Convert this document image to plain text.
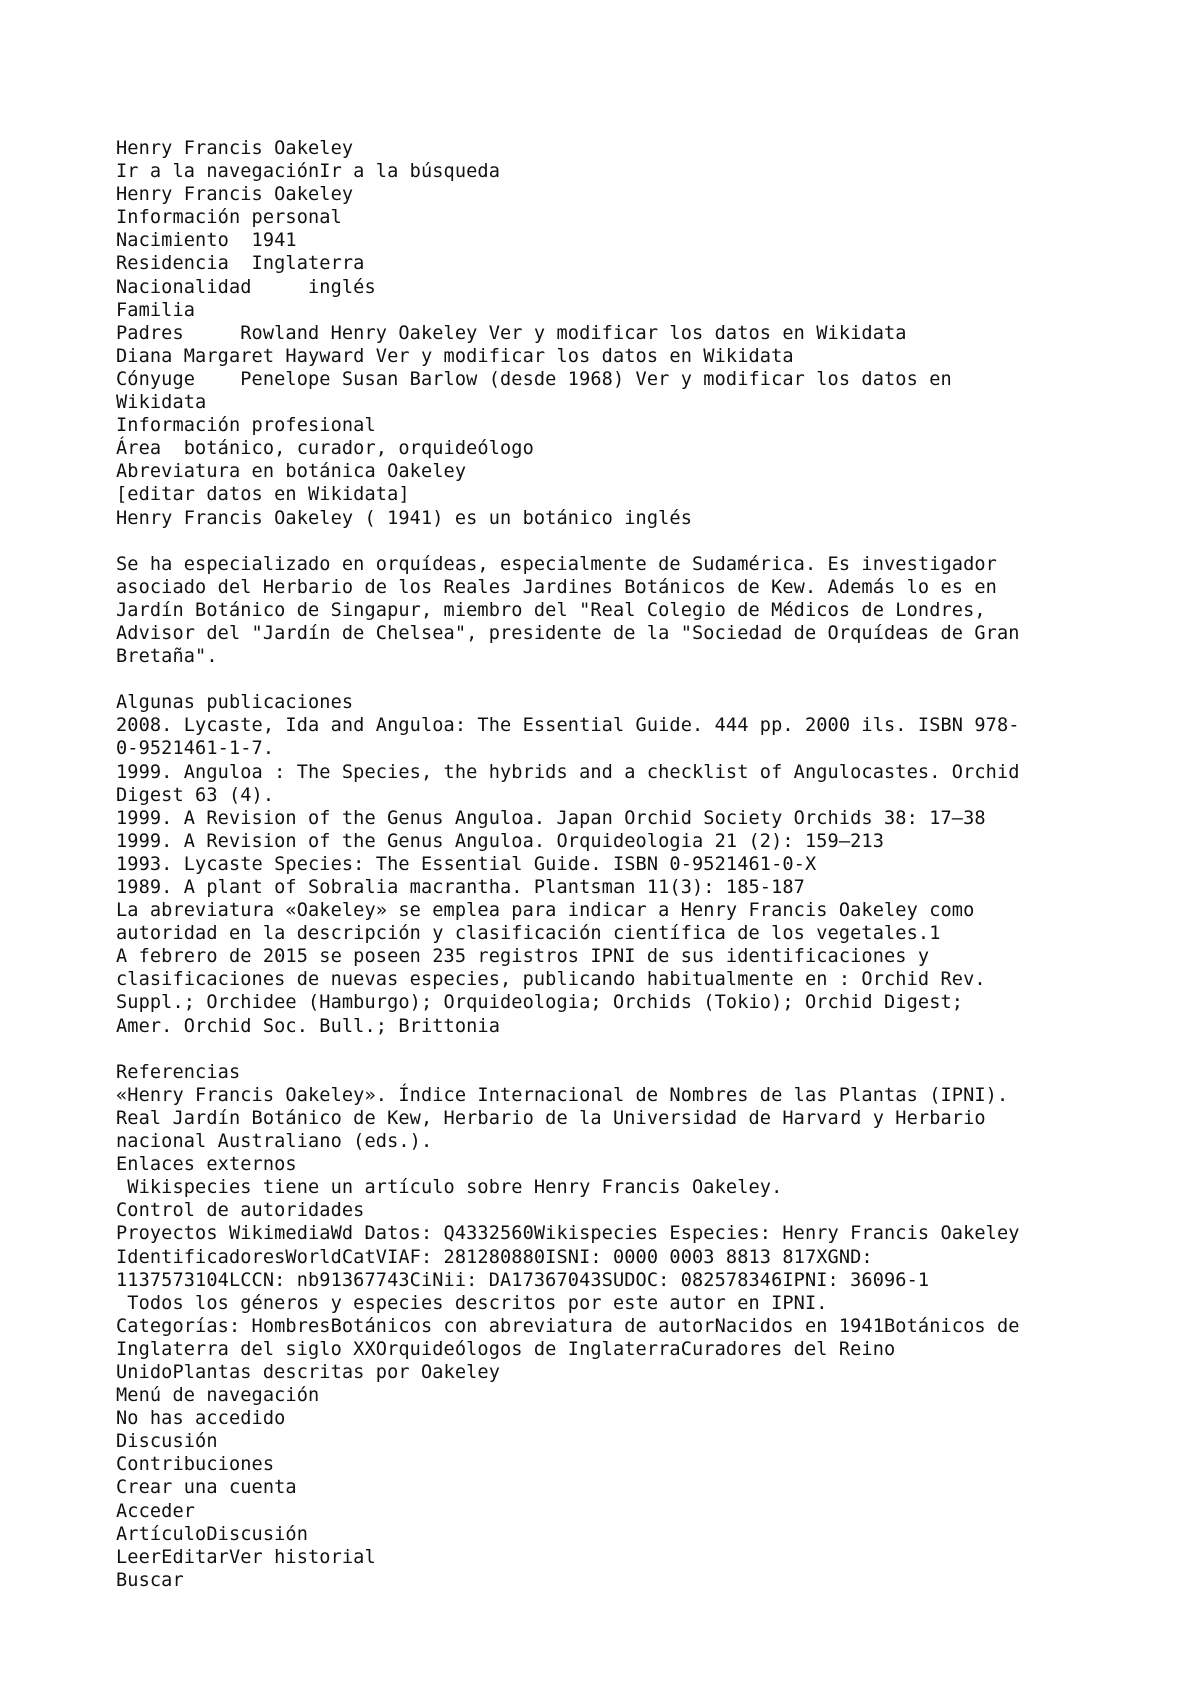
Henry Francis Oakeley
Ir a la navegaciónIr a la búsqueda
Henry Francis Oakeley
Información personal
Nacimiento  1941
Residencia  Inglaterra
Nacionalidad     inglés
Familia
Padres     Rowland Henry Oakeley Ver y modificar los datos en Wikidata
Diana Margaret Hayward Ver y modificar los datos en Wikidata
Cónyuge    Penelope Susan Barlow (desde 1968) Ver y modificar los datos en
Wikidata
Información profesional
Área  botánico, curador, orquideólogo
Abreviatura en botánica Oakeley
[editar datos en Wikidata]
Henry Francis Oakeley ( 1941) es un botánico inglés
Se ha especializado en orquídeas, especialmente de Sudamérica. Es investigador
asociado del Herbario de los Reales Jardines Botánicos de Kew. Además lo es en
Jardín Botánico de Singapur, miembro del "Real Colegio de Médicos de Londres,
Advisor del "Jardín de Chelsea", presidente de la "Sociedad de Orquídeas de Gran
Bretaña".
Algunas publicaciones
2008. Lycaste, Ida and Anguloa: The Essential Guide. 444 pp. 2000 ils. ISBN 978-
0-9521461-1-7.
1999. Anguloa : The Species, the hybrids and a checklist of Angulocastes. Orchid
Digest 63 (4).
1999. A Revision of the Genus Anguloa. Japan Orchid Society Orchids 38: 17–38
1999. A Revision of the Genus Anguloa. Orquideologia 21 (2): 159–213
1993. Lycaste Species: The Essential Guide. ISBN 0-9521461-0-X
1989. A plant of Sobralia macrantha. Plantsman 11(3): 185-187
La abreviatura «Oakeley» se emplea para indicar a Henry Francis Oakeley como
autoridad en la descripción y clasificación científica de los vegetales.1
A febrero de 2015 se poseen 235 registros IPNI de sus identificaciones y
clasificaciones de nuevas especies, publicando habitualmente en : Orchid Rev.
Suppl.; Orchidee (Hamburgo); Orquideologia; Orchids (Tokio); Orchid Digest;
Amer. Orchid Soc. Bull.; Brittonia
Referencias
«Henry Francis Oakeley». Índice Internacional de Nombres de las Plantas (IPNI).
Real Jardín Botánico de Kew, Herbario de la Universidad de Harvard y Herbario
nacional Australiano (eds.).
Enlaces externos
Wikispecies tiene un artículo sobre Henry Francis Oakeley.
Control de autoridades
Proyectos WikimediaWd Datos: Q4332560Wikispecies Especies: Henry Francis Oakeley
IdentificadoresWorldCatVIAF: 281280880ISNI: 0000 0003 8813 817XGND:
1137573104LCCN: nb91367743CiNii: DA17367043SUDOC: 082578346IPNI: 36096-1
Todos los géneros y especies descritos por este autor en IPNI.
Categorías: HombresBotánicos con abreviatura de autorNacidos en 1941Botánicos de
Inglaterra del siglo XXOrquideólogos de InglaterraCuradores del Reino
UnidoPlantas descritas por Oakeley
Menú de navegación
No has accedido
Discusión
Contribuciones
Crear una cuenta
Acceder
ArtículoDiscusión
LeerEditarVer historial
Buscar
